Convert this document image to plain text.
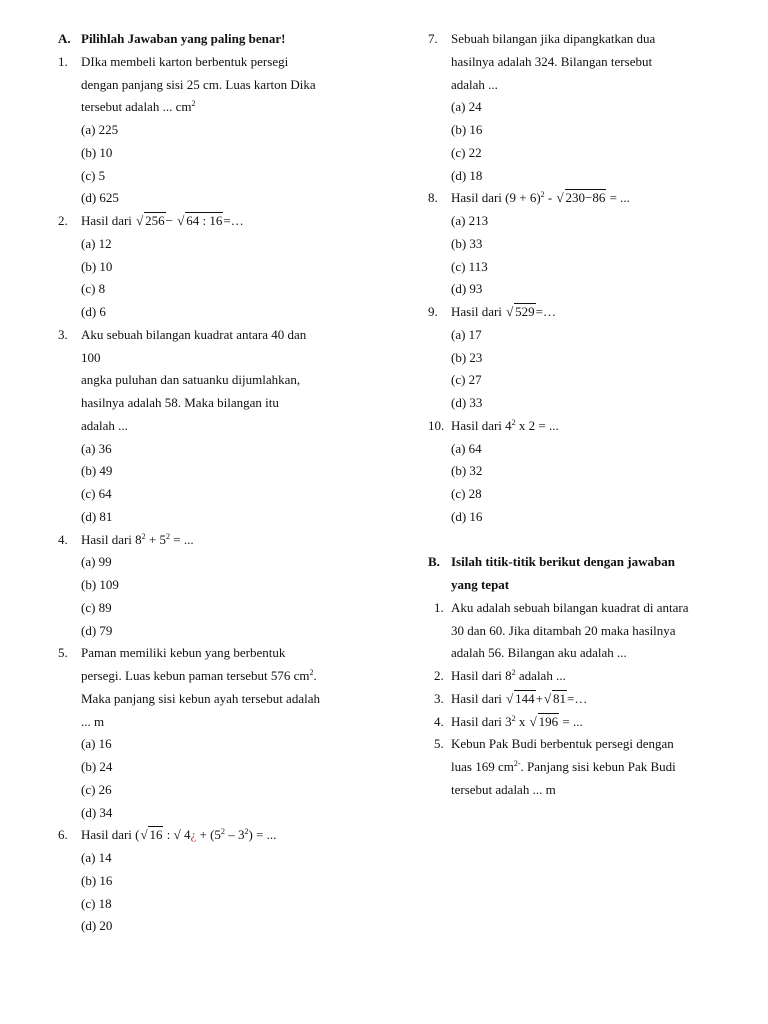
A. Pilihlah Jawaban yang paling benar!
1. DIka membeli karton berbentuk persegi
dengan panjang sisi 25 cm. Luas karton Dika
tersebut adalah ... $cm^2$
(a) 225
(b) 10
(c) 5
(d) 625
2. Hasil dari √ 256− √ 64 : 16=…
(a) 12
(b) 10
(c) 8
(d) 6
3. Aku sebuah bilangan kuadrat antara 40 dan
100
angka puluhan dan satuanku dijumlahkan,
hasilnya adalah 58. Maka bilangan itu
adalah ...
(a) 36
(b) 49
(c) 64
(d) 81
4. Hasil dari $8^2 + 5^2$ = ...
(a) 99
(b) 109
(c) 89
(d) 79
5. Paman memiliki kebun yang berbentuk
persegi. Luas kebun paman tersebut 576 $cm^2$.
Maka panjang sisi kebun ayah tersebut adalah
... m
(a) 16
(b) 24
(c) 26
(d) 34
6. Hasil dari ( √ 16 : √ 4¿ + $(5^2 - 3^2)$ = ...
(a) 14
(b) 16
(c) 18
(d) 20
7. Sebuah bilangan jika dipangkatkan dua
hasilnya adalah 324. Bilangan tersebut
adalah ...
(a) 24
(b) 16
(c) 22
(d) 18
8. Hasil dari $(9 + 6)^2$ - √ 230−86 = ...
(a) 213
(b) 33
(c) 113
(d) 93
9. Hasil dari √ 529=…
(a) 17
(b) 23
(c) 27
(d) 33
10. Hasil dari $4^2$ x 2 = ...
(a) 64
(b) 32
(c) 28
(d) 16
B. Isilah titik-titik berikut dengan jawaban
yang tepat
1. Aku adalah sebuah bilangan kuadrat di antara
30 dan 60. Jika ditambah 20 maka hasilnya
adalah 56. Bilangan aku adalah ...
2. Hasil dari $8^2$ adalah ...
3. Hasil dari √ 144+ √ 81=…
4. Hasil dari $3^2$ x √ 196 = ...
5. Kebun Pak Budi berbentuk persegi dengan
luas 169 $cm^{2-}$. Panjang sisi kebun Pak Budi
tersebut adalah ... m
